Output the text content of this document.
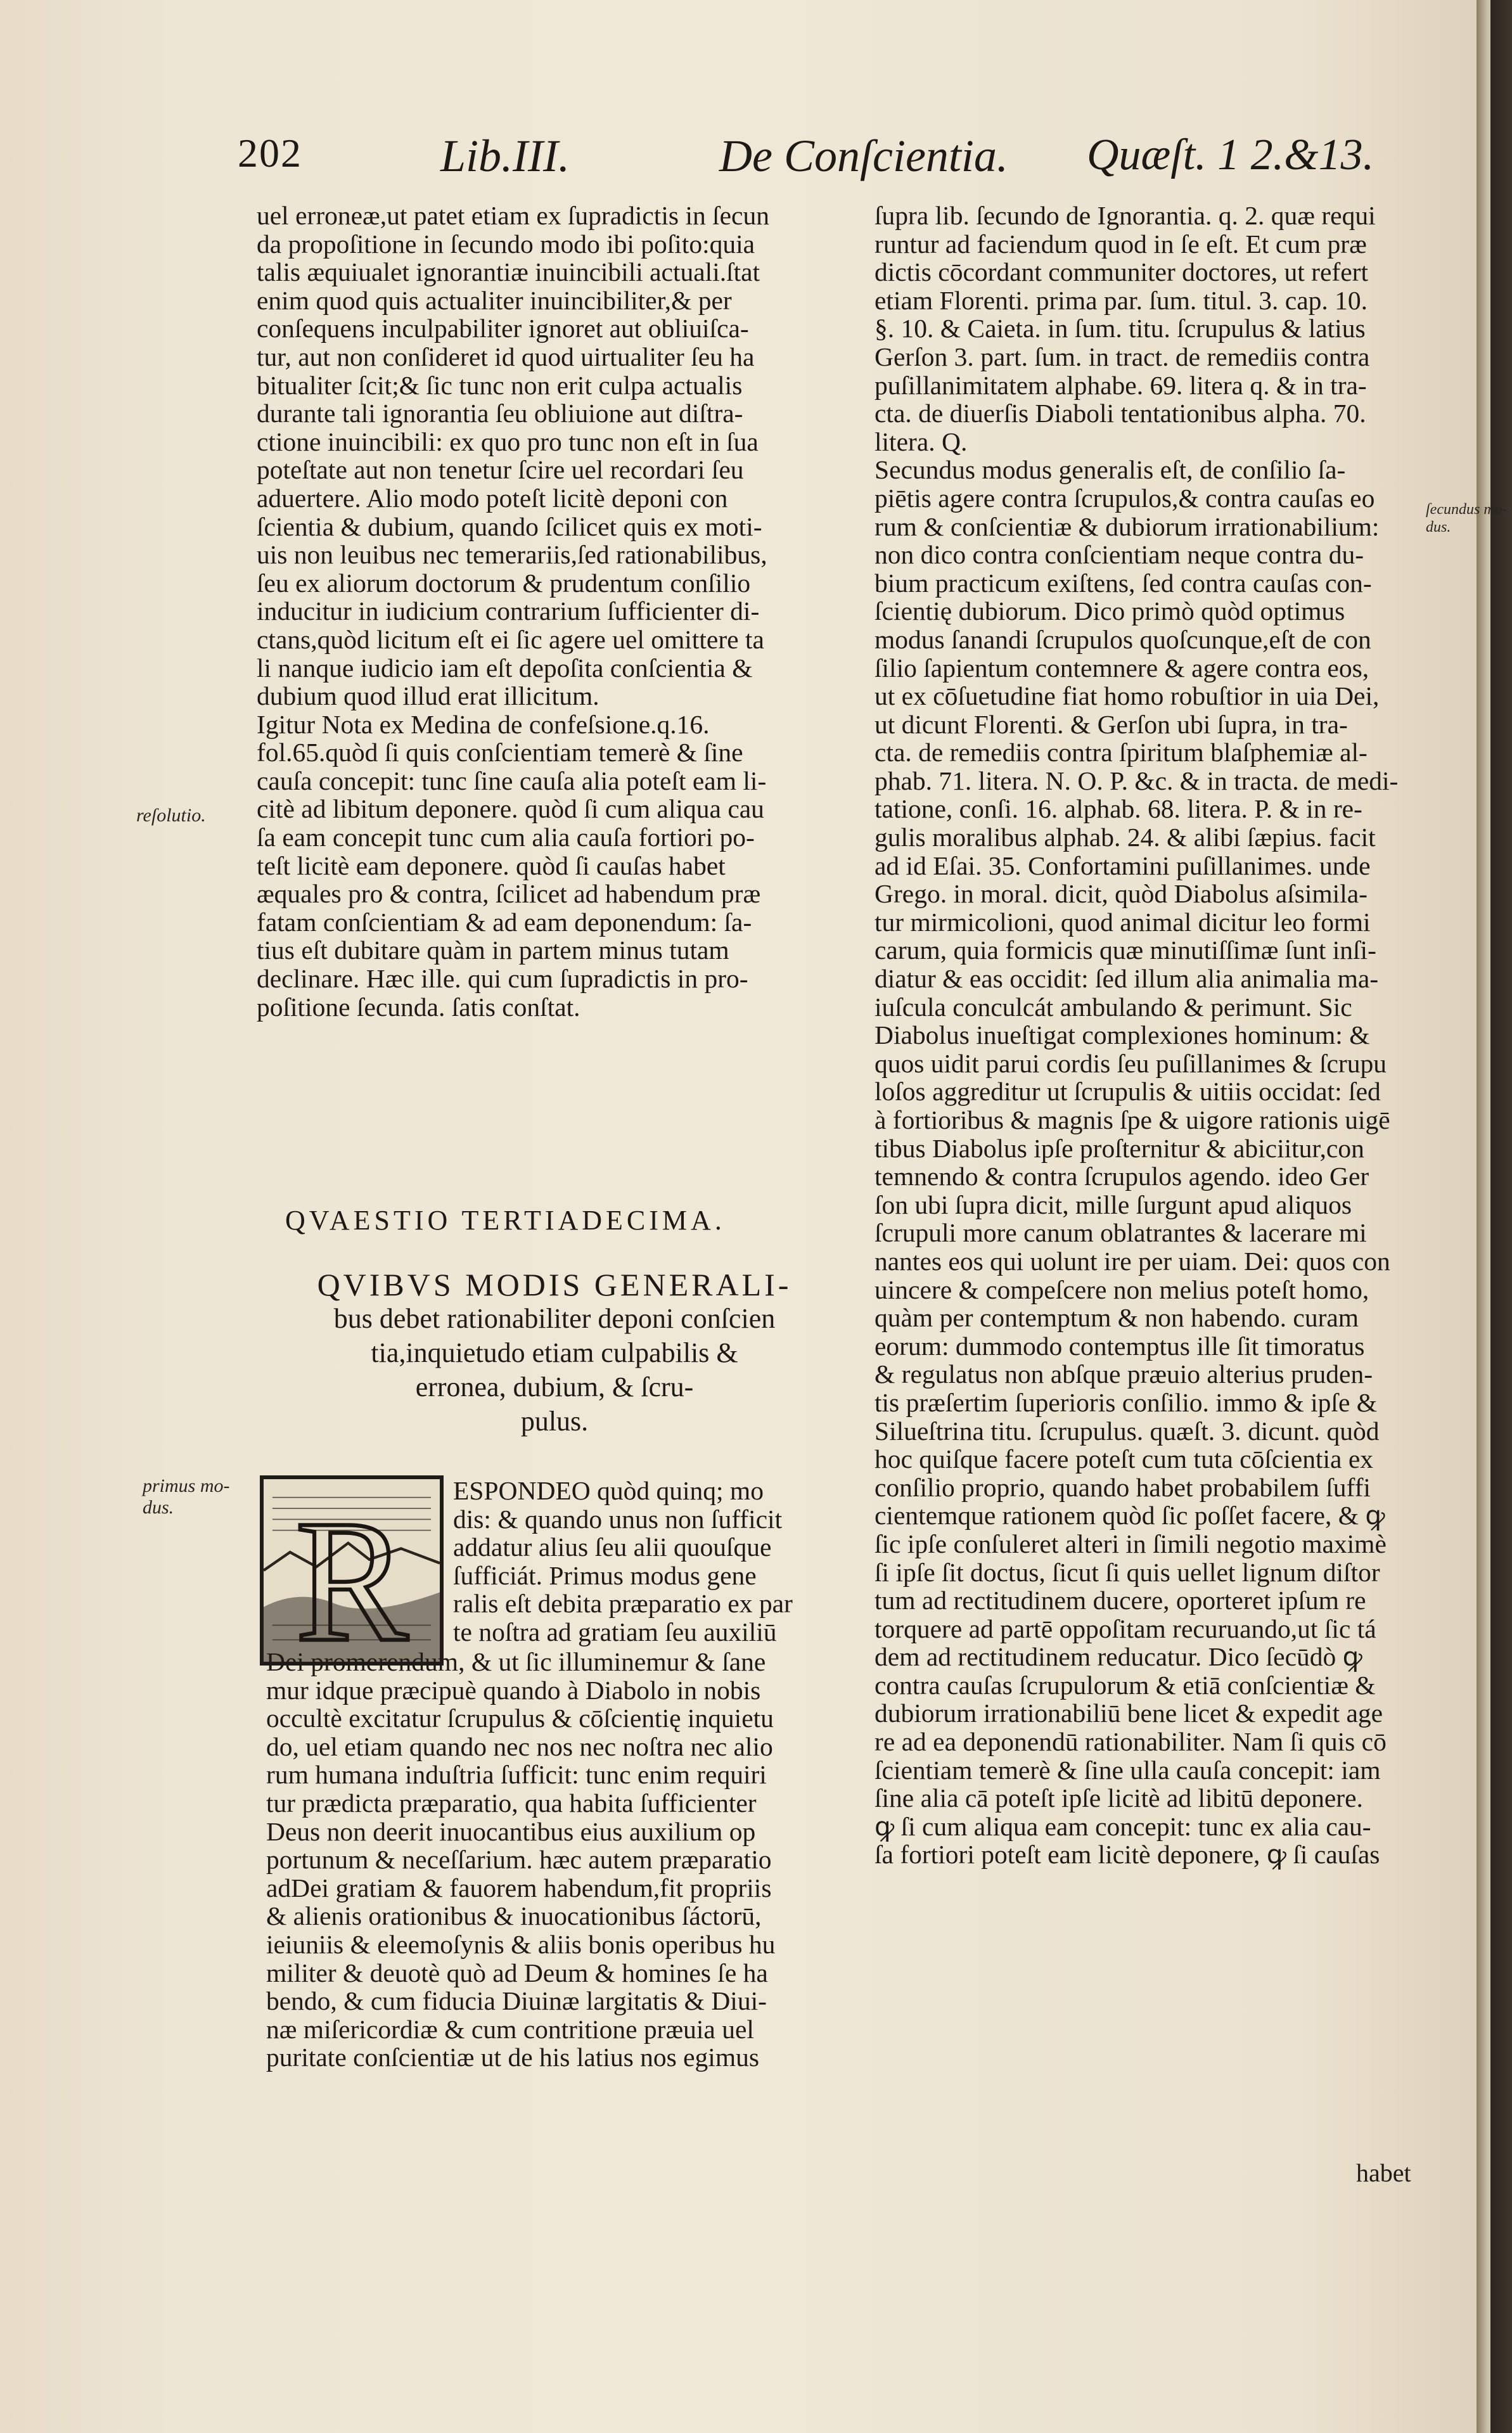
202	Lib.III.	De Conſcientia. Quæſt. 1 2.&13.
uel erroneæ,ut patet etiam ex ſupradictis in ſecun
da propoſitione in ſecundo modo ibi poſito:quia
talis æquiualet ignorantiæ inuincibili actuali.ſtat
enim quod quis actualiter inuincibiliter,& per
conſequens inculpabiliter ignoret aut obliuiſca-
tur, aut non conſideret id quod uirtualiter ſeu ha
bitualiter ſcit;& ſic tunc non erit culpa actualis
durante tali ignorantia ſeu obliuione aut diſtra-
ctione inuincibili: ex quo pro tunc non eſt in ſua
poteſtate aut non tenetur ſcire uel recordari ſeu
aduertere. Alio modo poteſt licitè deponi con
ſcientia & dubium, quando ſcilicet quis ex moti-
uis non leuibus nec temerariis,ſed rationabilibus,
ſeu ex aliorum doctorum & prudentum conſilio
inducitur in iudicium contrarium ſufficienter di-
ctans,quòd licitum eſt ei ſic agere uel omittere ta
li nanque iudicio iam eſt depoſita conſcientia &
dubium quod illud erat illicitum.
Igitur Nota ex Medina de confeſsione.q.16.
fol.65.quòd ſi quis conſcientiam temerè & ſine
cauſa concepit: tunc ſine cauſa alia poteſt eam li-
citè ad libitum deponere. quòd ſi cum aliqua cau
ſa eam concepit tunc cum alia cauſa fortiori po-
teſt licitè eam deponere. quòd ſi cauſas habet
æquales pro & contra, ſcilicet ad habendum præ
fatam conſcientiam & ad eam deponendum: ſa-
tius eſt dubitare quàm in partem minus tutam
declinare. Hæc ille. qui cum ſupradictis in pro-
poſitione ſecunda. ſatis conſtat.
reſolutio.
primus mo-
dus.
ſecundus mo-
dus.
QVAESTIO TERTIADECIMA.
QVIBVS MODIS GENERALI-
bus debet rationabiliter deponi conſcien
tia,inquietudo etiam culpabilis &
erronea, dubium, & ſcru-
pulus.
R ESPONDEO quòd quinq; mo
dis: & quando unus non ſufficit
addatur alius ſeu alii quouſque
ſufficiát. Primus modus gene
ralis eſt debita præparatio ex par
te noſtra ad gratiam ſeu auxiliū
Dei promerendum, & ut ſic illuminemur & ſane
mur idque præcipuè quando à Diabolo in nobis
occultè excitatur ſcrupulus & cōſcientię inquietu
do, uel etiam quando nec nos nec noſtra nec alio
rum humana induſtria ſufficit: tunc enim requiri
tur prædicta præparatio, qua habita ſufficienter
Deus non deerit inuocantibus eius auxilium op
portunum & neceſſarium. hæc autem præparatio
adDei gratiam & fauorem habendum,fit propriis
& alienis orationibus & inuocationibus ſáctorū,
ieiuniis & eleemoſynis & aliis bonis operibus hu
militer & deuotè quò ad Deum & homines ſe ha
bendo, & cum fiducia Diuinæ largitatis & Diui-
næ miſericordiæ & cum contritione præuia uel
puritate conſcientiæ ut de his latius nos egimus
ſupra lib. ſecundo de Ignorantia. q. 2. quæ requi
runtur ad faciendum quod in ſe eſt. Et cum præ
dictis cōcordant communiter doctores, ut refert
etiam Florenti. prima par. ſum. titul. 3. cap. 10.
§. 10. & Caieta. in ſum. titu. ſcrupulus & latius
Gerſon 3. part. ſum. in tract. de remediis contra
puſillanimitatem alphabe. 69. litera q. & in tra-
cta. de diuerſis Diaboli tentationibus alpha. 70.
litera. Q.
Secundus modus generalis eſt, de conſilio ſa-
piētis agere contra ſcrupulos,& contra cauſas eo
rum & conſcientiæ & dubiorum irrationabilium:
non dico contra conſcientiam neque contra du-
bium practicum exiſtens, ſed contra cauſas con-
ſcientię dubiorum. Dico primò quòd optimus
modus ſanandi ſcrupulos quoſcunque,eſt de con
ſilio ſapientum contemnere & agere contra eos,
ut ex cōſuetudine fiat homo robuſtior in uia Dei,
ut dicunt Florenti. & Gerſon ubi ſupra, in tra-
cta. de remediis contra ſpiritum blaſphemiæ al-
phab. 71. litera. N. O. P. &c. & in tracta. de medi-
tatione, conſi. 16. alphab. 68. litera. P. & in re-
gulis moralibus alphab. 24. & alibi ſæpius. facit
ad id Eſai. 35. Confortamini puſillanimes. unde
Grego. in moral. dicit, quòd Diabolus aſsimila-
tur mirmicolioni, quod animal dicitur leo formi
carum, quia formicis quæ minutiſſimæ ſunt inſi-
diatur & eas occidit: ſed illum alia animalia ma-
iuſcula conculcát ambulando & perimunt. Sic
Diabolus inueſtigat complexiones hominum: &
quos uidit parui cordis ſeu puſillanimes & ſcrupu
loſos aggreditur ut ſcrupulis & uitiis occidat: ſed
à fortioribus & magnis ſpe & uigore rationis uigē
tibus Diabolus ipſe proſternitur & abiciitur,con
temnendo & contra ſcrupulos agendo. ideo Ger
ſon ubi ſupra dicit, mille ſurgunt apud aliquos
ſcrupuli more canum oblatrantes & lacerare mi
nantes eos qui uolunt ire per uiam. Dei: quos con
uincere & compeſcere non melius poteſt homo,
quàm per contemptum & non habendo. curam
eorum: dummodo contemptus ille ſit timoratus
& regulatus non abſque præuio alterius pruden-
tis præſertim ſuperioris conſilio. immo & ipſe &
Silueſtrina titu. ſcrupulus. quæſt. 3. dicunt. quòd
hoc quiſque facere poteſt cum tuta cōſcientia ex
conſilio proprio, quando habet probabilem ſuffi
cientemque rationem quòd ſic poſſet facere, & ꝙ
ſic ipſe conſuleret alteri in ſimili negotio maximè
ſi ipſe ſit doctus, ſicut ſi quis uellet lignum diſtor
tum ad rectitudinem ducere, oporteret ipſum re
torquere ad partē oppoſitam recuruando,ut ſic tá
dem ad rectitudinem reducatur. Dico ſecūdò ꝙ
contra cauſas ſcrupulorum & etiā conſcientiæ &
dubiorum irrationabiliū bene licet & expedit age
re ad ea deponendū rationabiliter. Nam ſi quis cō
ſcientiam temerè & ſine ulla cauſa concepit: iam
ſine alia cā poteſt ipſe licitè ad libitū deponere.
ꝙ ſi cum aliqua eam concepit: tunc ex alia cau-
ſa fortiori poteſt eam licitè deponere, ꝙ ſi cauſas
habet
